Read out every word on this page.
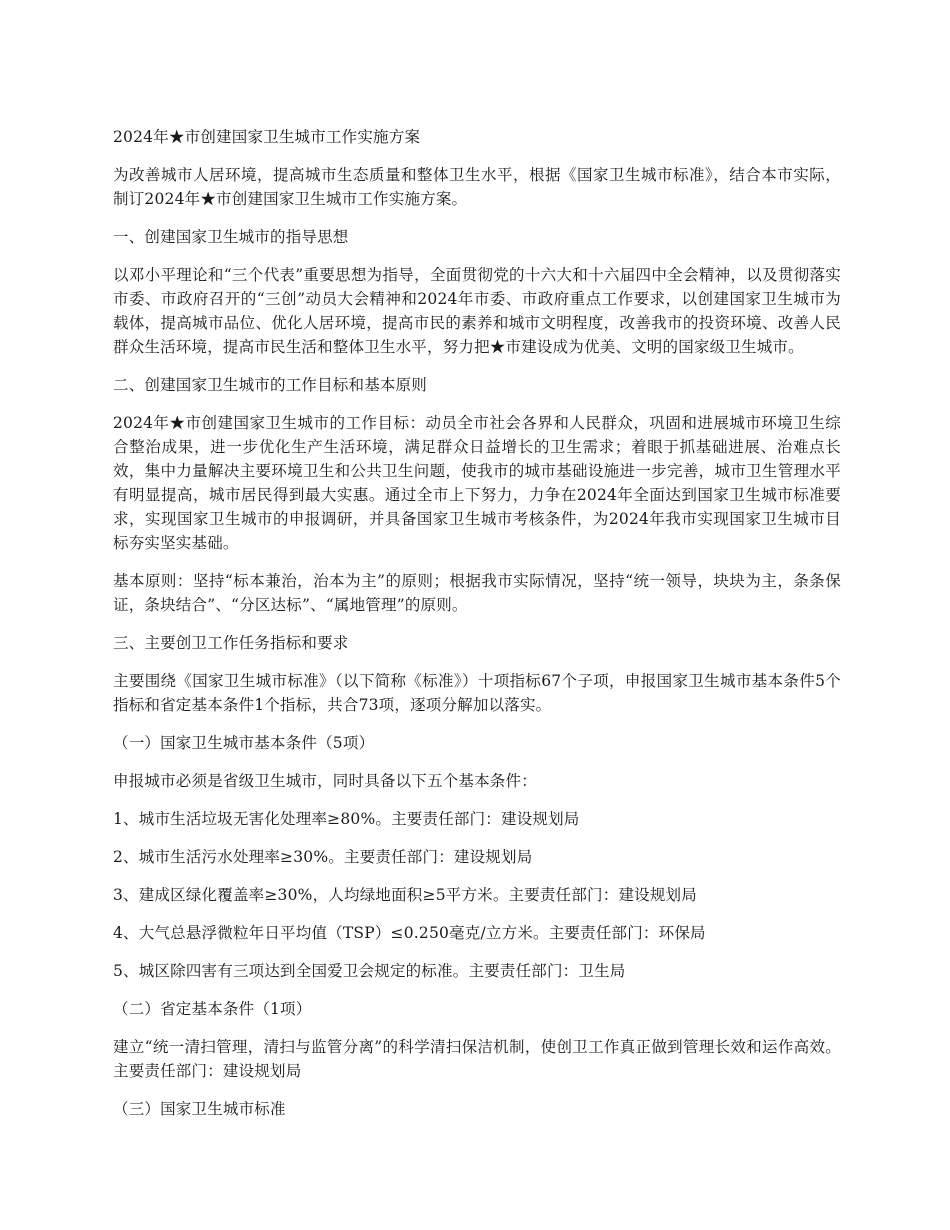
2024年★市创建国家卫生城市工作实施方案

为改善城市人居环境，提高城市生态质量和整体卫生水平，根据《国家卫生城市标准》，结合本市实际，制订2024年★市创建国家卫生城市工作实施方案。

一、创建国家卫生城市的指导思想

以邓小平理论和“三个代表”重要思想为指导，全面贯彻党的十六大和十六届四中全会精神，以及贯彻落实市委、市政府召开的“三创”动员大会精神和2024年市委、市政府重点工作要求，以创建国家卫生城市为载体，提高城市品位、优化人居环境，提高市民的素养和城市文明程度，改善我市的投资环境、改善人民群众生活环境，提高市民生活和整体卫生水平，努力把★市建设成为优美、文明的国家级卫生城市。

二、创建国家卫生城市的工作目标和基本原则

2024年★市创建国家卫生城市的工作目标：动员全市社会各界和人民群众，巩固和进展城市环境卫生综合整治成果，进一步优化生产生活环境，满足群众日益增长的卫生需求；着眼于抓基础进展、治难点长效，集中力量解决主要环境卫生和公共卫生问题，使我市的城市基础设施进一步完善，城市卫生管理水平有明显提高，城市居民得到最大实惠。通过全市上下努力，力争在2024年全面达到国家卫生城市标准要求，实现国家卫生城市的申报调研，并具备国家卫生城市考核条件，为2024年我市实现国家卫生城市目标夯实坚实基础。

基本原则：坚持“标本兼治，治本为主”的原则；根据我市实际情况，坚持“统一领导，块块为主，条条保证，条块结合”、“分区达标”、“属地管理”的原则。

三、主要创卫工作任务指标和要求

主要围绕《国家卫生城市标准》（以下简称《标准》）十项指标67个子项，申报国家卫生城市基本条件5个指标和省定基本条件1个指标，共合73项，逐项分解加以落实。

（一）国家卫生城市基本条件（5项）

申报城市必须是省级卫生城市，同时具备以下五个基本条件：

1、城市生活垃圾无害化处理率≥80%。主要责任部门：建设规划局

2、城市生活污水处理率≥30%。主要责任部门：建设规划局

3、建成区绿化覆盖率≥30%，人均绿地面积≥5平方米。主要责任部门：建设规划局

4、大气总悬浮微粒年日平均值（TSP）≤0.250毫克/立方米。主要责任部门：环保局

5、城区除四害有三项达到全国爱卫会规定的标准。主要责任部门：卫生局

（二）省定基本条件（1项）

建立“统一清扫管理，清扫与监管分离”的科学清扫保洁机制，使创卫工作真正做到管理长效和运作高效。主要责任部门：建设规划局

（三）国家卫生城市标准
